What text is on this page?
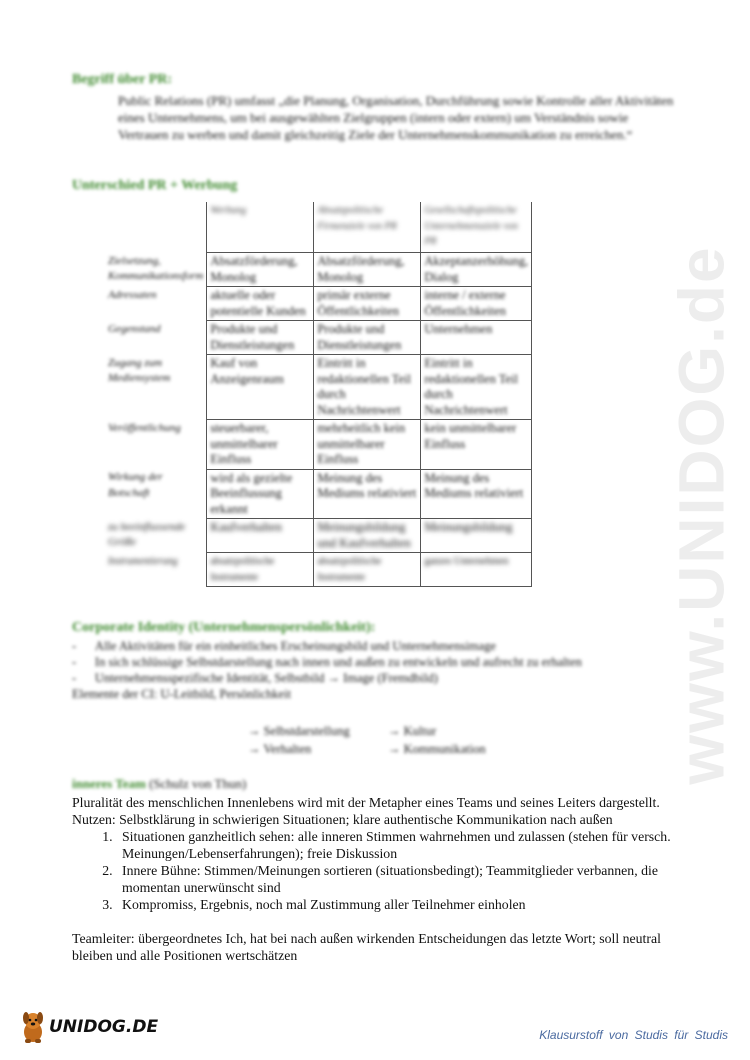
www.UNIDOG.de
Begriff über PR:
Public Relations (PR) umfasst „die Planung, Organisation, Durchführung sowie Kontrolle aller Aktivitäten eines Unternehmens, um bei ausgewählten Zielgruppen (intern oder extern) um Verständnis sowie Vertrauen zu werben und damit gleichzeitig Ziele der Unternehmenskommunikation zu erreichen.“
Unterschied PR + Werbung
	Werbung	Absatzpolitische Firmenziele von PR	Gesellschaftspolitische Unternehmensziele von PR
Zielsetzung, Kommunikationsform	Absatzförderung, Monolog	Absatzförderung, Monolog	Akzeptanzerhöhung, Dialog
Adressaten	aktuelle oder potentielle Kunden	primär externe Öffentlichkeiten	interne / externe Öffentlichkeiten
Gegenstand	Produkte und Dienstleistungen	Produkte und Dienstleistungen	Unternehmen
Zugang zum Mediensystem	Kauf von Anzeigenraum	Eintritt in redaktionellen Teil durch Nachrichtenwert	Eintritt in redaktionellen Teil durch Nachrichtenwert
Veröffentlichung	steuerbarer, unmittelbarer Einfluss	mehrheitlich kein unmittelbarer Einfluss	kein unmittelbarer Einfluss
Wirkung der Botschaft	wird als gezielte Beeinflussung erkannt	Meinung des Mediums relativiert	Meinung des Mediums relativiert
zu beeinflussende Größe	Kaufverhalten	Meinungsbildung und Kaufverhalten	Meinungsbildung
Instrumentierung	absatzpolitische Instrumente	absatzpolitische Instrumente	ganzes Unternehmen
Corporate Identity (Unternehmenspersönlichkeit):
-      Alle Aktivitäten für ein einheitliches Erscheinungsbild und Unternehmensimage
-      In sich schlüssige Selbstdarstellung nach innen und außen zu entwickeln und aufrecht zu erhalten
-      Unternehmensspezifische Identität, Selbstbild → Image (Fremdbild)
Elemente der CI: U-Leitbild, Persönlichkeit
→ Selbstdarstellung	→ Kultur
→ Verhalten	→ Kommunikation
inneres Team (Schulz von Thun)

Pluralität des menschlichen Innenlebens wird mit der Metapher eines Teams und seines Leiters dargestellt.

Nutzen: Selbstklärung in schwierigen Situationen; klare authentische Kommunikation nach außen

1. Situationen ganzheitlich sehen: alle inneren Stimmen wahrnehmen und zulassen (stehen für versch. Meinungen/Lebenserfahrungen); freie Diskussion
2. Innere Bühne: Stimmen/Meinungen sortieren (situationsbedingt); Teammitglieder verbannen, die momentan unerwünscht sind
3. Kompromiss, Ergebnis, noch mal Zustimmung aller Teilnehmer einholen

Teamleiter: übergeordnetes Ich, hat bei nach außen wirkenden Entscheidungen das letzte Wort; soll neutral bleiben und alle Positionen wertschätzen

UNIDOG.DE	Klausurstoff von Studis für Studis
